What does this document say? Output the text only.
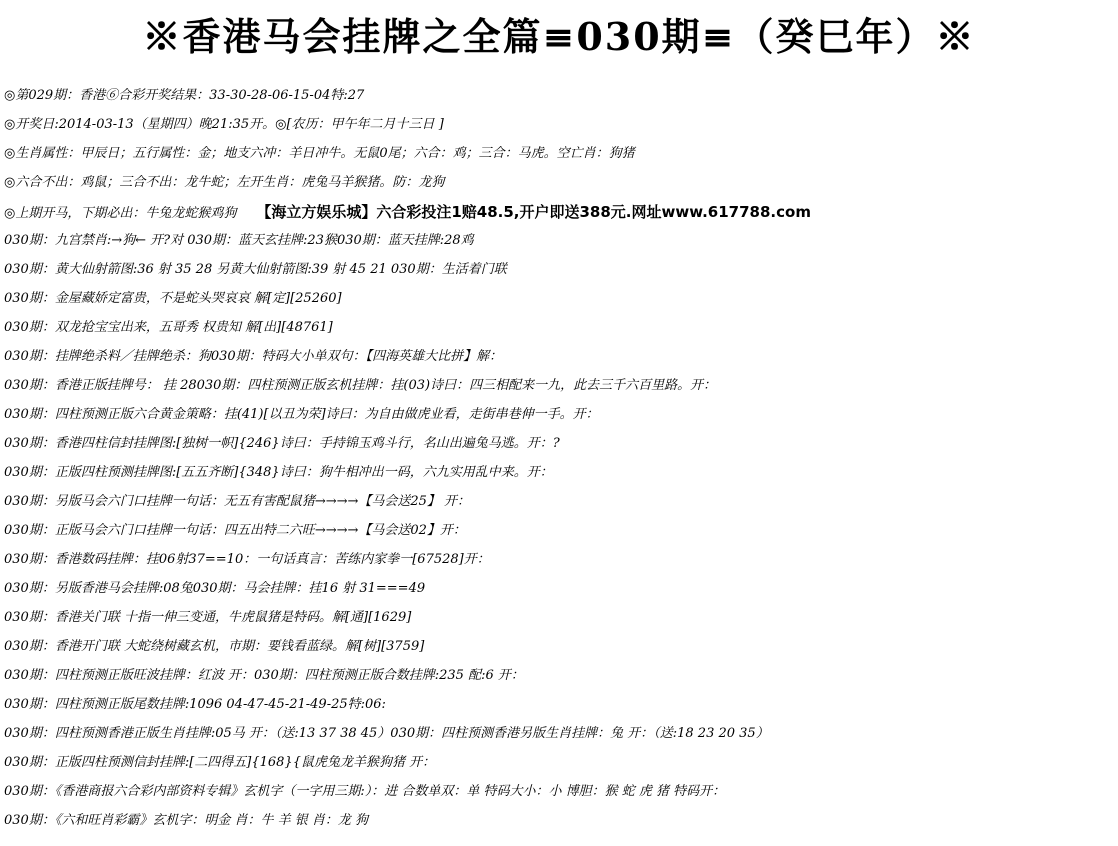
※香港马会挂牌之全篇≡030期≡（癸巳年）※
◎第029期：香港⑥合彩开奖结果：33-30-28-06-15-04特:27
◎开奖日:2014-03-13（星期四）晚21:35开。◎[农历：甲午年二月十三日 ]
◎生肖属性：甲辰日；五行属性：金；地支六冲：羊日冲牛。无鼠0尾；六合：鸡；三合：马虎。空亡肖：狗猪
◎六合不出：鸡鼠；三合不出：龙牛蛇；左开生肖：虎兔马羊猴猪。防：龙狗
◎上期开马，下期必出：牛兔龙蛇猴鸡狗 【海立方娱乐城】六合彩投注1赔48.5,开户即送388元.网址www.617788.com
030期：九宫禁肖:→狗← 开?对 030期：蓝天玄挂牌:23猴030期：蓝天挂牌:28鸡
030期：黄大仙射箭图:36 射 35 28 另黄大仙射箭图:39 射 45 21 030期：生活着门联
030期：金屋藏娇定富贵，不是蛇头哭哀哀 解[定][25260]
030期：双龙抢宝宝出来，五哥秀 权贵知 解[出][48761]
030期：挂牌绝杀料／挂牌绝杀：狗030期：特码大小单双句：【四海英雄大比拼】解：
030期：香港正版挂牌号： 挂 28030期：四柱预测正版玄机挂牌：挂(03)诗曰：四三相配来一九，此去三千六百里路。开：
030期：四柱预测正版六合黄金策略：挂(41)[以丑为荣]诗曰：为自由做虎业看，走街串巷伸一手。开：
030期：香港四柱信封挂牌图:[独树一帜]{246}诗曰：手持锦玉鸡斗行，名山出遍兔马逃。开：?
030期：正版四柱预测挂牌图:[五五齐断]{348}诗曰：狗牛相冲出一码，六九实用乱中来。开：
030期：另版马会六门口挂牌一句话：无五有害配鼠猪→→→→【马会送25】 开：
030期：正版马会六门口挂牌一句话：四五出特二六旺→→→→【马会送02】开：
030期：香港数码挂牌：挂06射37==10：一句话真言：苦练内家拳一[67528]开：
030期：另版香港马会挂牌:08兔030期：马会挂牌：挂16 射 31===49
030期：香港关门联 十指一伸三变通，牛虎鼠猪是特码。解[通][1629]
030期：香港开门联 大蛇绕树藏玄机，市期：要钱看蓝绿。解[树][3759]
030期：四柱预测正版旺波挂牌：红波 开：030期：四柱预测正版合数挂牌:235 配:6 开：
030期：四柱预测正版尾数挂牌:1096 04-47-45-21-49-25特:06:
030期：四柱预测香港正版生肖挂牌:05马 开：（送:13 37 38 45）030期：四柱预测香港另版生肖挂牌：兔 开：（送:18 23 20 35）
030期：正版四柱预测信封挂牌:[二四得五]{168}{鼠虎兔龙羊猴狗猪 开：
030期：《香港商报六合彩内部资料专辑》玄机字（一字用三期:）：进 合数单双：单 特码大小：小 博胆：猴 蛇 虎 猪 特码开：
030期：《六和旺肖彩霸》玄机字：明金 肖：牛 羊 银 肖：龙 狗
